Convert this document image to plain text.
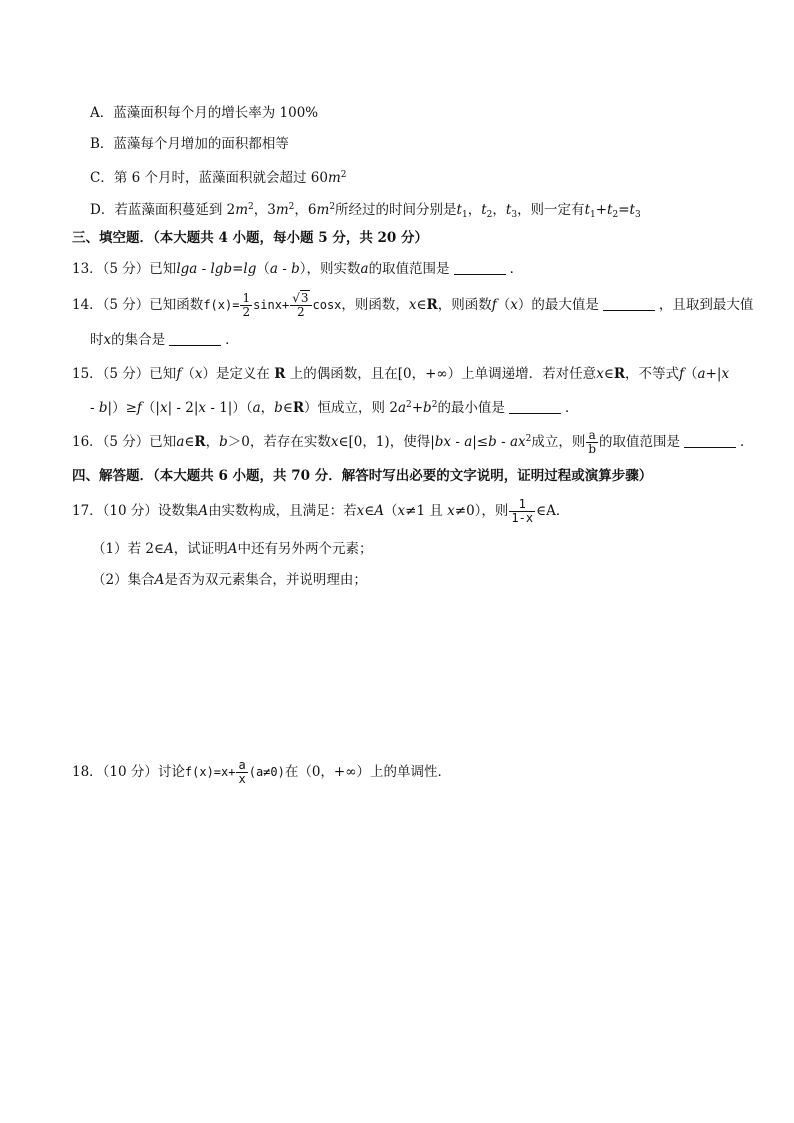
A．蓝藻面积每个月的增长率为 100%
B．蓝藻每个月增加的面积都相等
C．第 6 个月时，蓝藻面积就会超过 $60m^2$
D．若蓝藻面积蔓延到 $2m^2$，$3m^2$，$6m^2$所经过的时间分别是$t_1$，$t_2$，$t_3$，则一定有$t_1+t_2=t_3$
三、填空题．（本大题共 4 小题，每小题 5 分，共 20 分）
13．（5 分）已知lga - lgb=lg（a - b），则实数a的取值范围是	．
14．（5 分）已知函数$f(x)= \frac{1}{2} \sin x+ \frac{√3}{2}$ cosx，则函数，x∈R，则函数f（x）的最大值是	，且取到最大值
时x的集合是	．
15．（5 分）已知f（x）是定义在 R 上的偶函数，且在[0，+∞）上单调递增．若对任意x∈R，不等式f（a+|x
- b|）≥f（|x| - 2|x - 1|）（a，b∈R）恒成立，则 $2a^2+b^2$的最小值是	．
16．（5 分）已知a∈R，b＞0，若存在实数x∈[0，1)，使得$|bx - a|\le b - ax^2$成立，则 $\frac{a}{b}$ 的取值范围是	．
四、解答题．（本大题共 6 小题，共 70 分．解答时写出必要的文字说明，证明过程或演算步骤）
17．（10 分）设数集A由实数构成，且满足：若x∈A（x≠1 且 x≠0），则 $\frac{1}{1-x}$ ∈A．
（1）若 2∈A，试证明A中还有另外两个元素；
（2）集合A是否为双元素集合，并说明理由；
18．（10 分）讨论$f(x)=x+ \frac{a}{x} (a\ne 0)$在（0，+∞）上的单调性．
